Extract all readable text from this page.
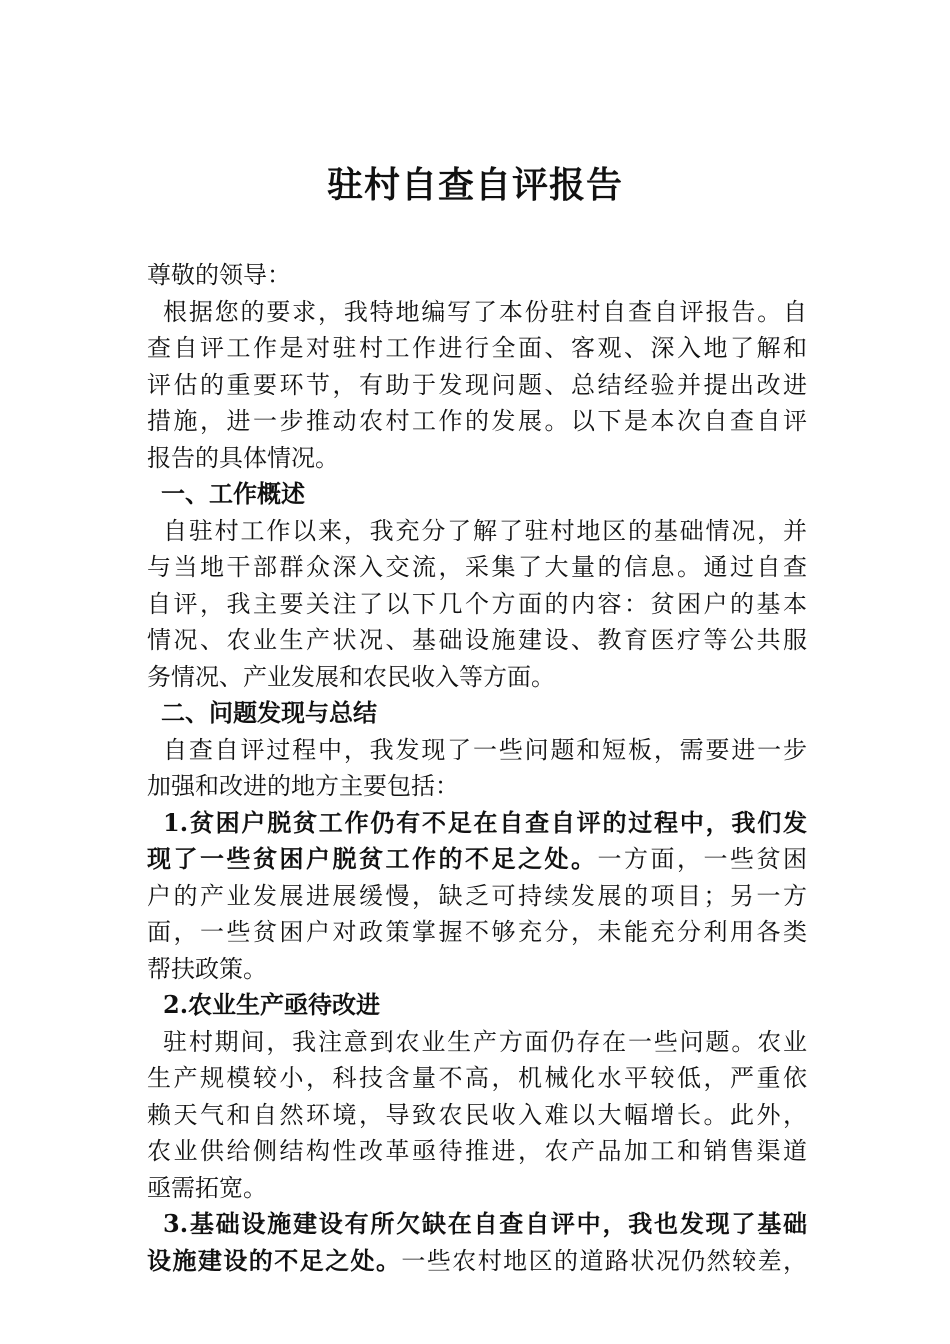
驻村自查自评报告
尊敬的领导：
根据您的要求，我特地编写了本份驻村自查自评报告。自
查自评工作是对驻村工作进行全面、客观、深入地了解和
评估的重要环节，有助于发现问题、总结经验并提出改进
措施，进一步推动农村工作的发展。以下是本次自查自评
报告的具体情况。
一、工作概述
自驻村工作以来，我充分了解了驻村地区的基础情况，并
与当地干部群众深入交流，采集了大量的信息。通过自查
自评，我主要关注了以下几个方面的内容：贫困户的基本
情况、农业生产状况、基础设施建设、教育医疗等公共服
务情况、产业发展和农民收入等方面。
二、问题发现与总结
自查自评过程中，我发现了一些问题和短板，需要进一步
加强和改进的地方主要包括：
1.贫困户脱贫工作仍有不足在自查自评的过程中，我们发
现了一些贫困户脱贫工作的不足之处。一方面，一些贫困
户的产业发展进展缓慢，缺乏可持续发展的项目；另一方
面，一些贫困户对政策掌握不够充分，未能充分利用各类
帮扶政策。
2.农业生产亟待改进
驻村期间，我注意到农业生产方面仍存在一些问题。农业
生产规模较小，科技含量不高，机械化水平较低，严重依
赖天气和自然环境，导致农民收入难以大幅增长。此外，
农业供给侧结构性改革亟待推进，农产品加工和销售渠道
亟需拓宽。
3.基础设施建设有所欠缺在自查自评中，我也发现了基础
设施建设的不足之处。一些农村地区的道路状况仍然较差，
